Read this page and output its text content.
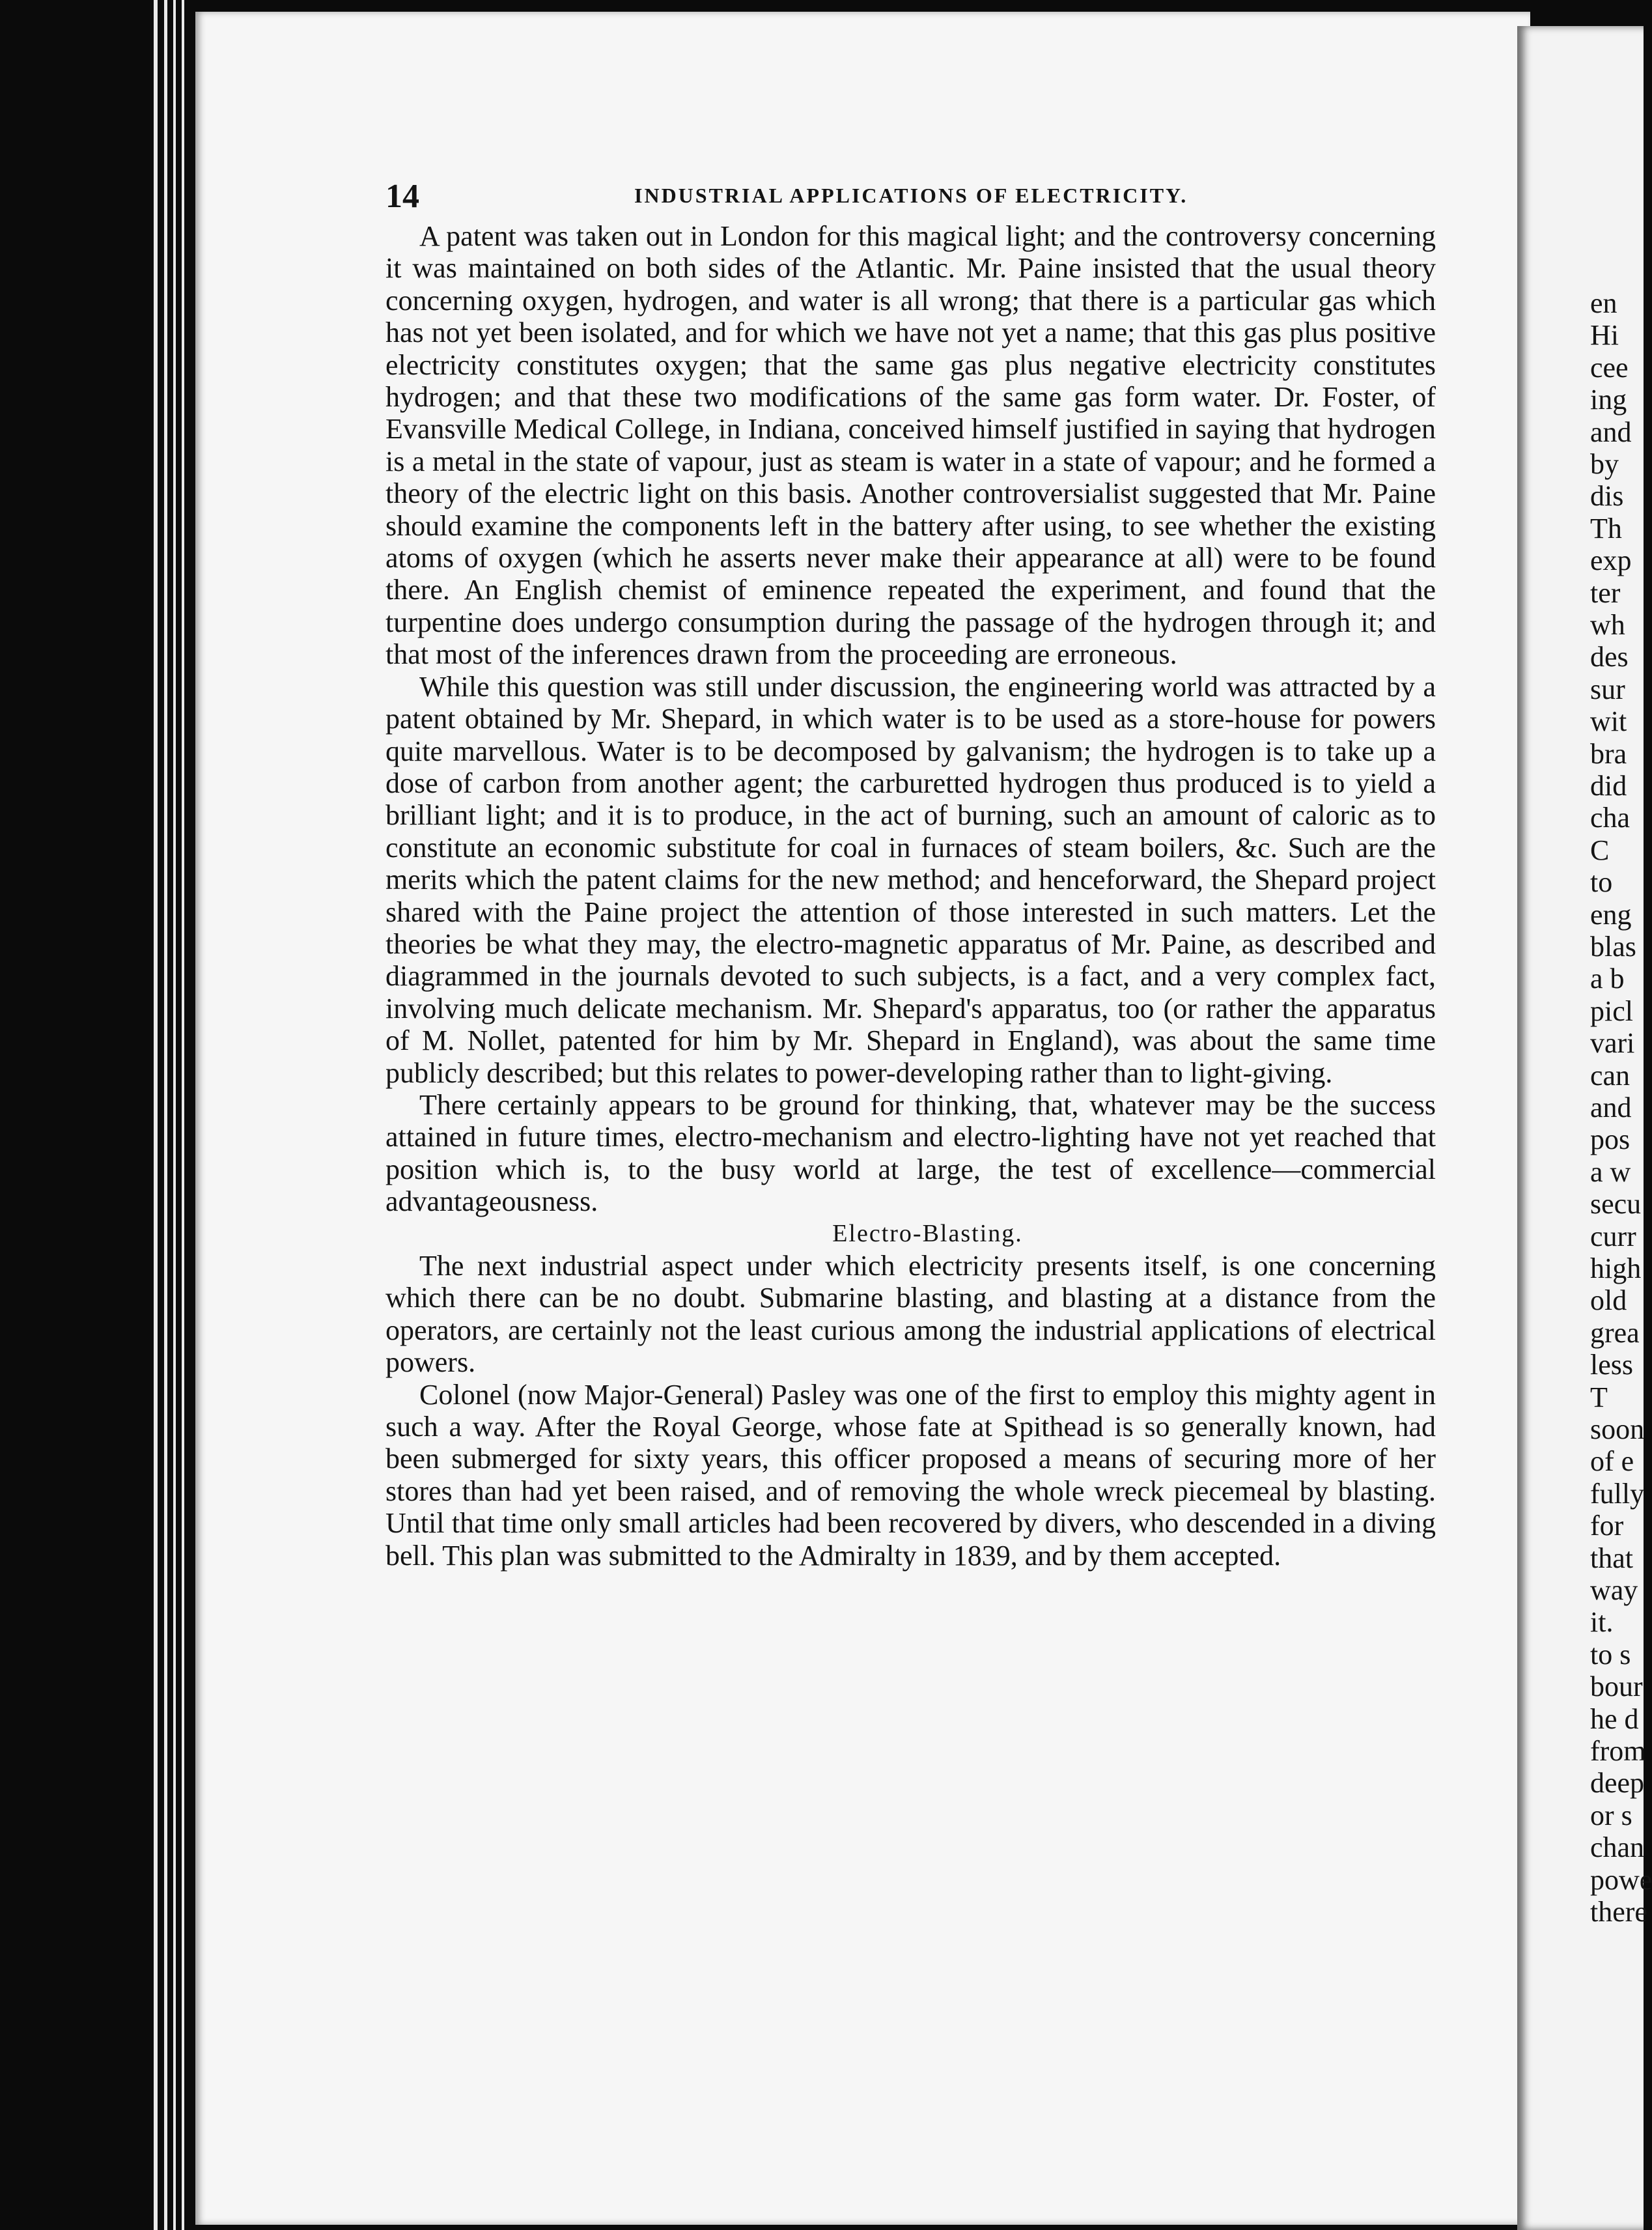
14	INDUSTRIAL APPLICATIONS OF ELECTRICITY.

A patent was taken out in London for this magical light; and the controversy concerning it was maintained on both sides of the Atlantic. Mr. Paine insisted that the usual theory concerning oxygen, hydrogen, and water is all wrong; that there is a particular gas which has not yet been isolated, and for which we have not yet a name; that this gas plus positive electricity constitutes oxygen; that the same gas plus negative electricity constitutes hydrogen; and that these two modifications of the same gas form water. Dr. Foster, of Evansville Medical College, in Indiana, conceived himself justified in saying that hydrogen is a metal in the state of vapour, just as steam is water in a state of vapour; and he formed a theory of the electric light on this basis. Another controversialist suggested that Mr. Paine should examine the components left in the battery after using, to see whether the existing atoms of oxygen (which he asserts never make their appearance at all) were to be found there. An English chemist of eminence repeated the experiment, and found that the turpentine does undergo consumption during the passage of the hydrogen through it; and that most of the inferences drawn from the proceeding are erroneous.

While this question was still under discussion, the engineering world was attracted by a patent obtained by Mr. Shepard, in which water is to be used as a store-house for powers quite marvellous. Water is to be decomposed by galvanism; the hydrogen is to take up a dose of carbon from another agent; the carburetted hydrogen thus produced is to yield a brilliant light; and it is to produce, in the act of burning, such an amount of caloric as to constitute an economic substitute for coal in furnaces of steam boilers, &c. Such are the merits which the patent claims for the new method; and henceforward, the Shepard project shared with the Paine project the attention of those interested in such matters. Let the theories be what they may, the electro-magnetic apparatus of Mr. Paine, as described and diagrammed in the journals devoted to such subjects, is a fact, and a very complex fact, involving much delicate mechanism. Mr. Shepard's apparatus, too (or rather the apparatus of M. Nollet, patented for him by Mr. Shepard in England), was about the same time publicly described; but this relates to power-developing rather than to light-giving.

There certainly appears to be ground for thinking, that, whatever may be the success attained in future times, electro-mechanism and electro-lighting have not yet reached that position which is, to the busy world at large, the test of excellence—commercial advantageousness.

Electro-Blasting.

The next industrial aspect under which electricity presents itself, is one concerning which there can be no doubt. Submarine blasting, and blasting at a distance from the operators, are certainly not the least curious among the industrial applications of electrical powers.

Colonel (now Major-General) Pasley was one of the first to employ this mighty agent in such a way. After the Royal George, whose fate at Spithead is so generally known, had been submerged for sixty years, this officer proposed a means of securing more of her stores than had yet been raised, and of removing the whole wreck piecemeal by blasting. Until that time only small articles had been recovered by divers, who descended in a diving bell. This plan was submitted to the Admiralty in 1839, and by them accepted.

en
Hi
cee
ing
and
by
dis
Th
exp
ter
wh
des
sur
wit
bra
did
cha
C
to
eng
blas
a b
picl
vari
can
and
pos
a w
secu
curr
high
old
grea
less
T
soon
of e
fully
for
that
way
it.
to s
bour
he d
from
deep
or s
chan
powe
there
